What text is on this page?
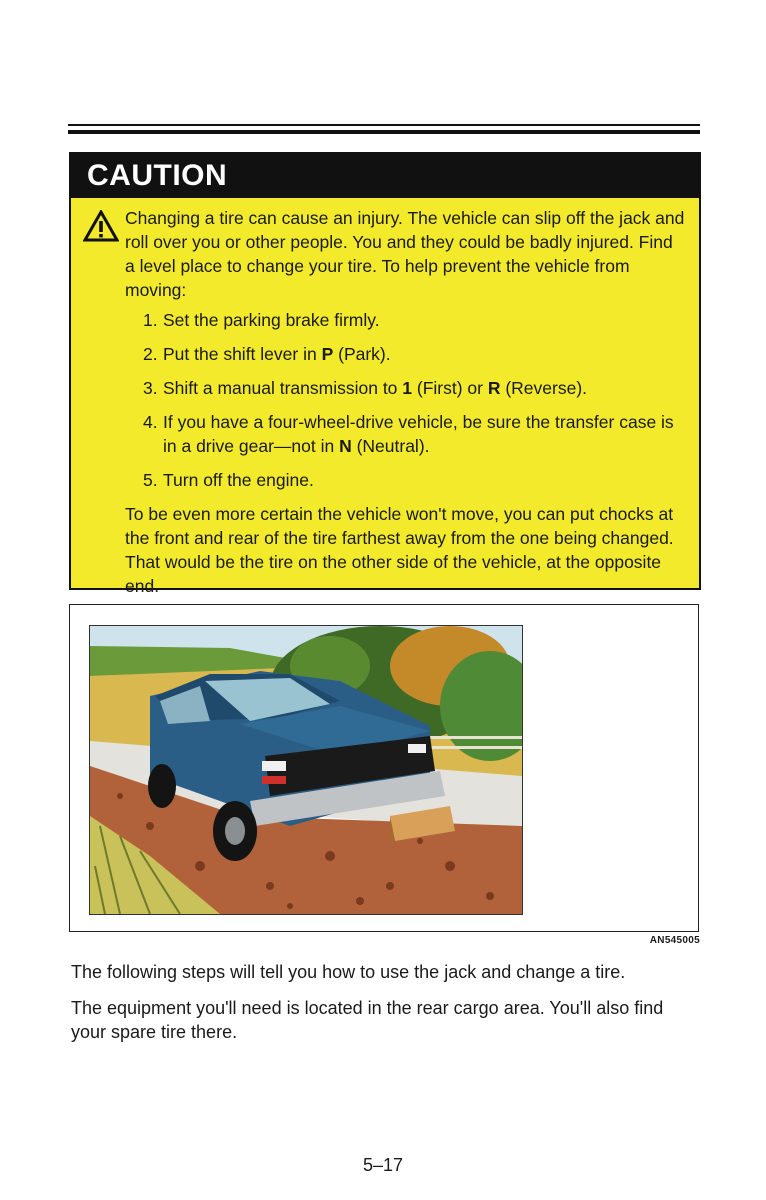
CAUTION

Changing a tire can cause an injury. The vehicle can slip off the jack and roll over you or other people. You and they could be badly injured. Find a level place to change your tire. To help prevent the vehicle from moving:

1. Set the parking brake firmly.
2. Put the shift lever in P (Park).
3. Shift a manual transmission to 1 (First) or R (Reverse).
4. If you have a four-wheel-drive vehicle, be sure the transfer case is in a drive gear—not in N (Neutral).
5. Turn off the engine.

To be even more certain the vehicle won't move, you can put chocks at the front and rear of the tire farthest away from the one being changed. That would be the tire on the other side of the vehicle, at the opposite end.

AN545005
The following steps will tell you how to use the jack and change a tire.
The equipment you'll need is located in the rear cargo area. You'll also find your spare tire there.
5–17
